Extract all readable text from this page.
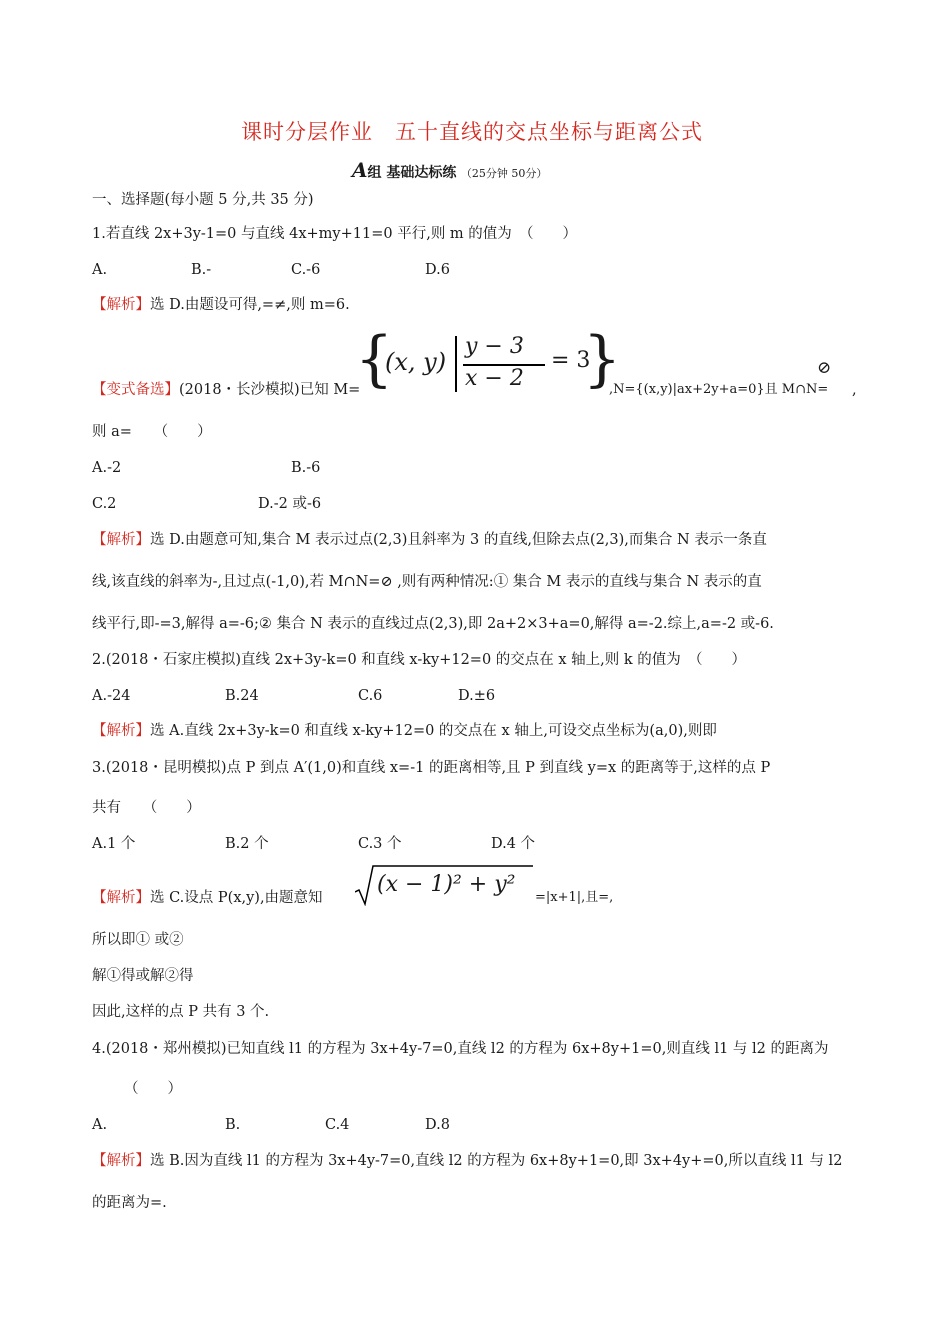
课时分层作业　五十直线的交点坐标与距离公式
A组 基础达标练 （25分钟 50分）
一、选择题(每小题 5 分,共 35 分)
1.若直线 2x+3y-1=0 与直线 4x+my+11=0 平行,则 m 的值为　（　　）
A.	B.-	C.-6	D.6
【解析】选 D.由题设可得,=≠,则 m=6.
【变式备选】(2018・长沙模拟)已知 M=
{
(x, y)
y − 3
x − 2
= 3
}
,N={(x,y)|ax+2y+a=0}且 M∩N=
⊘
,
则 a=　　（　　）
A.-2	B.-6
C.2	D.-2 或-6
【解析】选 D.由题意可知,集合 M 表示过点(2,3)且斜率为 3 的直线,但除去点(2,3),而集合 N 表示一条直
线,该直线的斜率为-,且过点(-1,0),若 M∩N=⊘ ,则有两种情况:① 集合 M 表示的直线与集合 N 表示的直
线平行,即-=3,解得 a=-6;② 集合 N 表示的直线过点(2,3),即 2a+2×3+a=0,解得 a=-2.综上,a=-2 或-6.
2.(2018・石家庄模拟)直线 2x+3y-k=0 和直线 x-ky+12=0 的交点在 x 轴上,则 k 的值为　（　　）
A.-24	B.24	C.6	D.±6
【解析】选 A.直线 2x+3y-k=0 和直线 x-ky+12=0 的交点在 x 轴上,可设交点坐标为(a,0),则即
3.(2018・昆明模拟)点 P 到点 A′(1,0)和直线 x=-1 的距离相等,且 P 到直线 y=x 的距离等于,这样的点 P
共有　　（　　）
A.1 个	B.2 个	C.3 个	D.4 个
【解析】选 C.设点 P(x,y),由题意知
(x − 1)² + y²
=|x+1|,且=,
所以即① 或②
解①得或解②得
因此,这样的点 P 共有 3 个.
4.(2018・郑州模拟)已知直线 l1 的方程为 3x+4y-7=0,直线 l2 的方程为 6x+8y+1=0,则直线 l1 与 l2 的距离为
（　　）
A.	B.	C.4	D.8
【解析】选 B.因为直线 l1 的方程为 3x+4y-7=0,直线 l2 的方程为 6x+8y+1=0,即 3x+4y+=0,所以直线 l1 与 l2
的距离为=.
